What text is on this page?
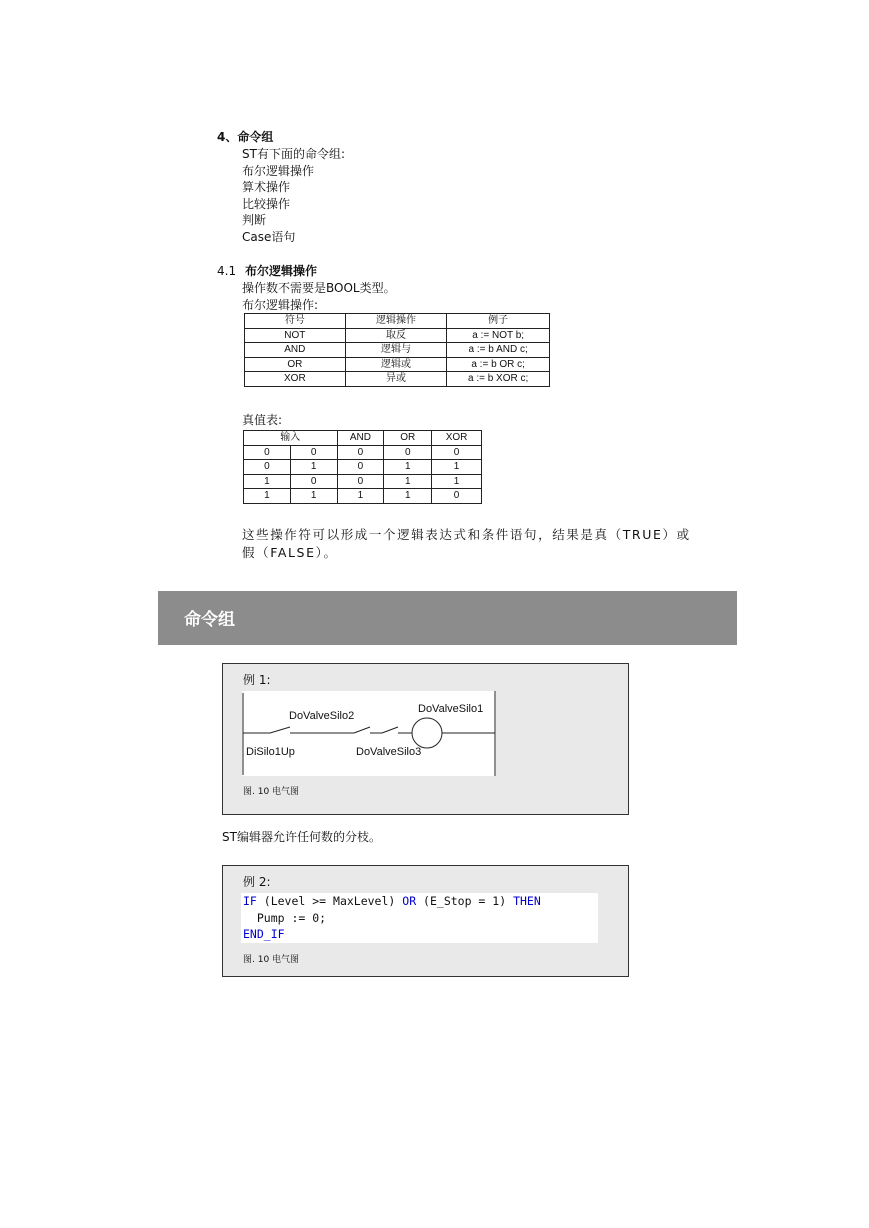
4、命令组
ST有下面的命令组:
布尔逻辑操作
算术操作
比较操作
判断
Case语句
4.1 布尔逻辑操作
操作数不需要是BOOL类型。
布尔逻辑操作:
符号	逻辑操作	例子
NOT	取反	a := NOT b;
AND	逻辑与	a := b AND c;
OR	逻辑或	a := b OR c;
XOR	异或	a := b XOR c;
真值表:
输入		AND	OR	XOR
0	0	0	0	0
0	1	0	1	1
1	0	0	1	1
1	1	1	1	0
这些操作符可以形成一个逻辑表达式和条件语句，结果是真（TRUE）或假（FALSE）。
命令组
例 1:
DoValveSilo2
DoValveSilo1
DiSilo1Up	DoValveSilo3
图. 10 电气图
ST编辑器允许任何数的分枝。
例 2:
IF (Level >= MaxLevel) OR (E_Stop = 1) THEN
Pump := 0;
END_IF
图. 10 电气图
